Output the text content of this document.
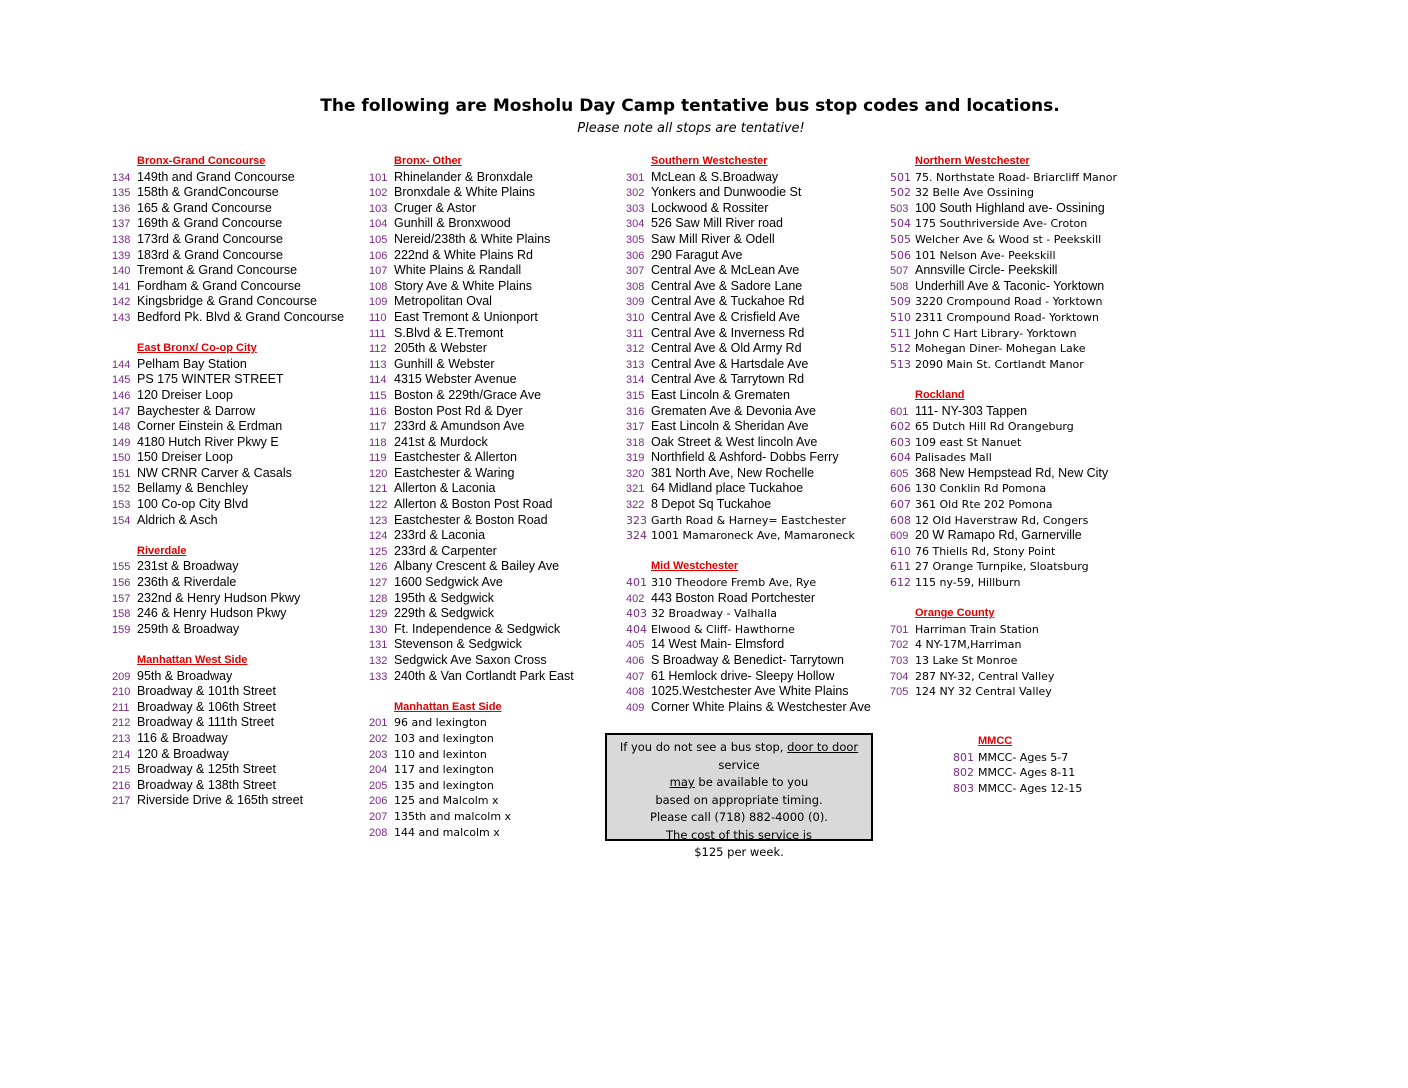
The following are Mosholu Day Camp tentative bus stop codes and locations.
Please note all stops are tentative!
Bronx-Grand Concourse
134 149th and Grand Concourse
135 158th & GrandConcourse
136 165 & Grand Concourse
137 169th & Grand Concourse
138 173rd & Grand Concourse
139 183rd & Grand Concourse
140 Tremont & Grand Concourse
141 Fordham & Grand Concourse
142 Kingsbridge & Grand Concourse
143 Bedford Pk. Blvd & Grand Concourse
East Bronx/ Co-op City
144 Pelham Bay Station
145 PS 175 WINTER STREET
146 120 Dreiser Loop
147 Baychester & Darrow
148 Corner Einstein & Erdman
149 4180 Hutch River Pkwy E
150 150 Dreiser Loop
151 NW CRNR Carver & Casals
152 Bellamy & Benchley
153 100 Co-op City Blvd
154 Aldrich & Asch
Riverdale
155 231st & Broadway
156 236th & Riverdale
157 232nd & Henry Hudson Pkwy
158 246 & Henry Hudson Pkwy
159 259th & Broadway
Manhattan West Side
209 95th & Broadway
210 Broadway & 101th Street
211 Broadway & 106th Street
212 Broadway & 111th Street
213 116 & Broadway
214 120 & Broadway
215 Broadway & 125th Street
216 Broadway & 138th Street
217 Riverside Drive & 165th street
Bronx- Other
101 Rhinelander & Bronxdale
102 Bronxdale & White Plains
103 Cruger & Astor
104 Gunhill & Bronxwood
105 Nereid/238th & White Plains
106 222nd & White Plains Rd
107 White Plains & Randall
108 Story Ave & White Plains
109 Metropolitan Oval
110 East Tremont & Unionport
111 S.Blvd & E.Tremont
112 205th & Webster
113 Gunhill & Webster
114 4315 Webster Avenue
115 Boston & 229th/Grace Ave
116 Boston Post Rd & Dyer
117 233rd & Amundson Ave
118 241st & Murdock
119 Eastchester & Allerton
120 Eastchester & Waring
121 Allerton & Laconia
122 Allerton & Boston Post Road
123 Eastchester & Boston Road
124 233rd & Laconia
125 233rd & Carpenter
126 Albany Crescent & Bailey Ave
127 1600 Sedgwick Ave
128 195th & Sedgwick
129 229th & Sedgwick
130 Ft. Independence & Sedgwick
131 Stevenson & Sedgwick
132 Sedgwick Ave Saxon Cross
133 240th & Van Cortlandt Park East
Manhattan East Side
201 96 and lexington
202 103 and lexington
203 110 and lexinton
204 117 and lexington
205 135 and lexington
206 125 and Malcolm x
207 135th and malcolm x
208 144 and malcolm x
Southern Westchester
301 McLean & S.Broadway
302 Yonkers and Dunwoodie St
303 Lockwood & Rossiter
304 526 Saw Mill River road
305 Saw Mill River & Odell
306 290 Faragut Ave
307 Central Ave & McLean Ave
308 Central Ave & Sadore Lane
309 Central Ave & Tuckahoe Rd
310 Central Ave & Crisfield Ave
311 Central Ave & Inverness Rd
312 Central Ave & Old Army Rd
313 Central Ave & Hartsdale Ave
314 Central Ave & Tarrytown Rd
315 East Lincoln & Grematen
316 Grematen Ave & Devonia Ave
317 East Lincoln & Sheridan Ave
318 Oak Street & West lincoln Ave
319 Northfield & Ashford- Dobbs Ferry
320 381 North Ave, New Rochelle
321 64 Midland place Tuckahoe
322 8 Depot Sq Tuckahoe
323 Garth Road & Harney= Eastchester
324 1001 Mamaroneck Ave, Mamaroneck
Mid Westchester
401 310 Theodore Fremb Ave, Rye
402 443 Boston Road Portchester
403 32 Broadway - Valhalla
404 Elwood & Cliff- Hawthorne
405 14 West Main- Elmsford
406 S Broadway & Benedict- Tarrytown
407 61 Hemlock drive- Sleepy Hollow
408 1025.Westchester Ave White Plains
409 Corner White Plains & Westchester Ave
Northern Westchester
501 75. Northstate Road- Briarcliff Manor
502 32 Belle Ave Ossining
503 100 South Highland ave- Ossining
504 175 Southriverside Ave- Croton
505 Welcher Ave & Wood st - Peekskill
506 101 Nelson Ave- Peekskill
507 Annsville Circle- Peekskill
508 Underhill Ave & Taconic- Yorktown
509 3220 Crompound Road - Yorktown
510 2311 Crompound Road- Yorktown
511 John C Hart Library- Yorktown
512 Mohegan Diner- Mohegan Lake
513 2090 Main St. Cortlandt Manor
Rockland
601 111- NY-303 Tappen
602 65 Dutch Hill Rd Orangeburg
603 109 east St Nanuet
604 Palisades Mall
605 368 New Hempstead Rd, New City
606 130 Conklin Rd Pomona
607 361 Old Rte 202 Pomona
608 12 Old Haverstraw Rd, Congers
609 20 W Ramapo Rd, Garnerville
610 76 Thiells Rd, Stony Point
611 27 Orange Turnpike, Sloatsburg
612 115 ny-59, Hillburn
Orange County
701 Harriman Train Station
702 4 NY-17M,Harriman
703 13 Lake St Monroe
704 287 NY-32, Central Valley
705 124 NY 32 Central Valley
If you do not see a bus stop, door to door service
may be available to you
based on appropriate timing.
Please call (718) 882-4000 (0).
The cost of this service is
$125 per week.
MMCC
801 MMCC- Ages 5-7
802 MMCC- Ages 8-11
803 MMCC- Ages 12-15
